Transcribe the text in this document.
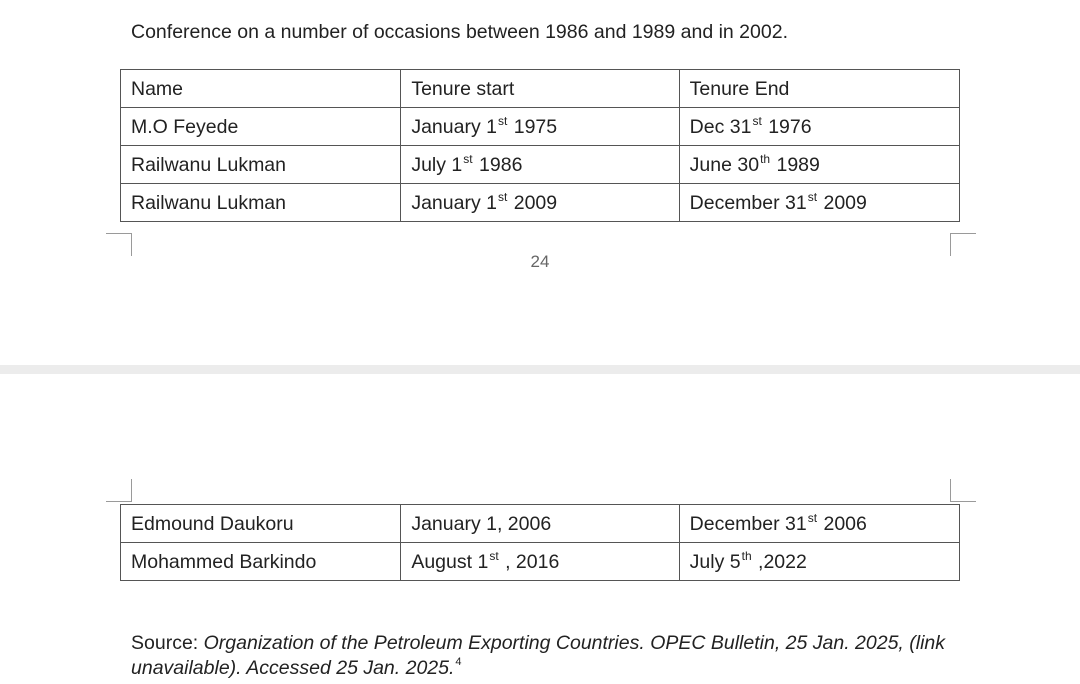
Conference on a number of occasions between 1986 and 1989 and in 2002.
Name	Tenure start	Tenure End
M.O Feyede	January 1st 1975	Dec 31st 1976
Railwanu Lukman	July 1st 1986	June 30th 1989
Railwanu Lukman	January 1st 2009	December 31st 2009
24
Edmound Daukoru	January 1, 2006	December 31st 2006
Mohammed Barkindo	August 1st , 2016	July 5th ,2022
Source: Organization of the Petroleum Exporting Countries. OPEC Bulletin, 25 Jan. 2025, (link unavailable). Accessed 25 Jan. 2025.$^4$
